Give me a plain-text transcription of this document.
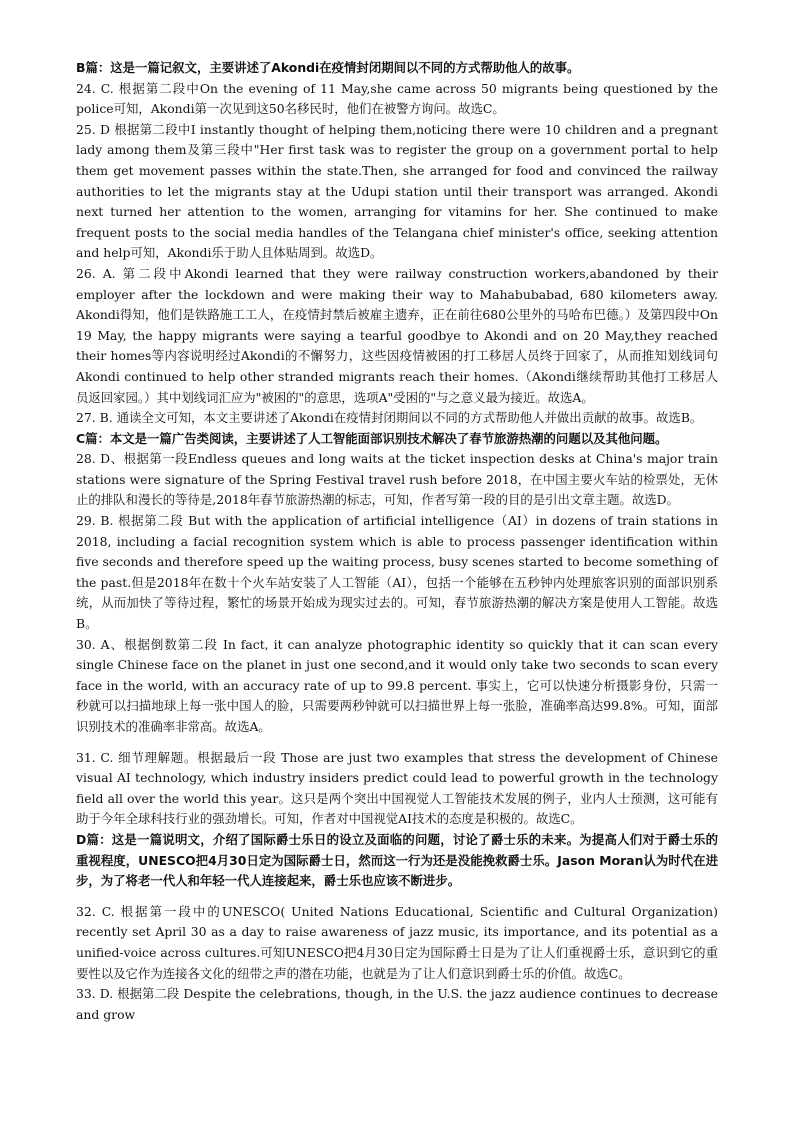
B篇：这是一篇记叙文，主要讲述了Akondi在疫情封闭期间以不同的方式帮助他人的故事。

24. C. 根据第二段中On the evening of 11 May,she came across 50 migrants being questioned by the police可知，Akondi第一次见到这50名移民时，他们在被警方询问。故选C。

25. D 根据第二段中I instantly thought of helping them,noticing there were 10 children and a pregnant lady among them及第三段中"Her first task was to register the group on a government portal to help them get movement passes within the state.Then, she arranged for food and convinced the railway authorities to let the migrants stay at the Udupi station until their transport was arranged. Akondi next turned her attention to the women, arranging for vitamins for her. She continued to make frequent posts to the social media handles of the Telangana chief minister's office, seeking attention and help可知，Akondi乐于助人且体贴周到。故选D。

26. A. 第二段中Akondi learned that they were railway construction workers,abandoned by their employer after the lockdown and were making their way to Mahabubabad, 680 kilometers away. Akondi得知，他们是铁路施工工人，在疫情封禁后被雇主遗弃，正在前往680公里外的马哈布巴德。）及第四段中On 19 May, the happy migrants were saying a tearful goodbye to Akondi and on 20 May,they reached their homes等内容说明经过Akondi的不懈努力，这些因疫情被困的打工移居人员终于回家了，从而推知划线词句Akondi continued to help other stranded migrants reach their homes.（Akondi继续帮助其他打工移居人员返回家园。）其中划线词汇应为"被困的"的意思，选项A"受困的"与之意义最为接近。故选A。

27. B. 通读全文可知，本文主要讲述了Akondi在疫情封闭期间以不同的方式帮助他人并做出贡献的故事。故选B。

C篇：本文是一篇广告类阅读，主要讲述了人工智能面部识别技术解决了春节旅游热潮的问题以及其他问题。

28. D、根据第一段Endless queues and long waits at the ticket inspection desks at China's major train stations were signature of the Spring Festival travel rush before 2018，在中国主要火车站的检票处，无休止的排队和漫长的等待是,2018年春节旅游热潮的标志，可知，作者写第一段的目的是引出文章主题。故选D。

29. B. 根据第二段 But with the application of artificial intelligence（AI）in dozens of train stations in 2018, including a facial recognition system which is able to process passenger identification within five seconds and therefore speed up the waiting process, busy scenes started to become something of the past.但是2018年在数十个火车站安装了人工智能（AI），包括一个能够在五秒钟内处理旅客识别的面部识别系统，从而加快了等待过程，繁忙的场景开始成为现实过去的。可知，春节旅游热潮的解决方案是使用人工智能。故选B。

30. A、根据倒数第二段 In fact, it can analyze photographic identity so quickly that it can scan every single Chinese face on the planet in just one second,and it would only take two seconds to scan every face in the world, with an accuracy rate of up to 99.8 percent. 事实上，它可以快速分析摄影身份，只需一秒就可以扫描地球上每一张中国人的脸，只需要两秒钟就可以扫描世界上每一张脸，准确率高达99.8%。可知，面部识别技术的准确率非常高。故选A。

31. C. 细节理解题。根据最后一段 Those are just two examples that stress the development of Chinese visual AI technology, which industry insiders predict could lead to powerful growth in the technology field all over the world this year。这只是两个突出中国视觉人工智能技术发展的例子，业内人士预测，这可能有助于今年全球科技行业的强劲增长。可知，作者对中国视觉AI技术的态度是积极的。故选C。

D篇：这是一篇说明文，介绍了国际爵士乐日的设立及面临的问题，讨论了爵士乐的未来。为提高人们对于爵士乐的重视程度，UNESCO把4月30日定为国际爵士日，然而这一行为还是没能挽救爵士乐。Jason Moran认为时代在进步，为了将老一代人和年轻一代人连接起来，爵士乐也应该不断进步。

32. C. 根据第一段中的UNESCO( United Nations Educational, Scientific and Cultural Organization) recently set April 30 as a day to raise awareness of jazz music, its importance, and its potential as a unified-voice across cultures.可知UNESCO把4月30日定为国际爵士日是为了让人们重视爵士乐，意识到它的重要性以及它作为连接各文化的纽带之声的潜在功能，也就是为了让人们意识到爵士乐的价值。故选C。

33. D. 根据第二段 Despite the celebrations, though, in the U.S. the jazz audience continues to decrease and grow
